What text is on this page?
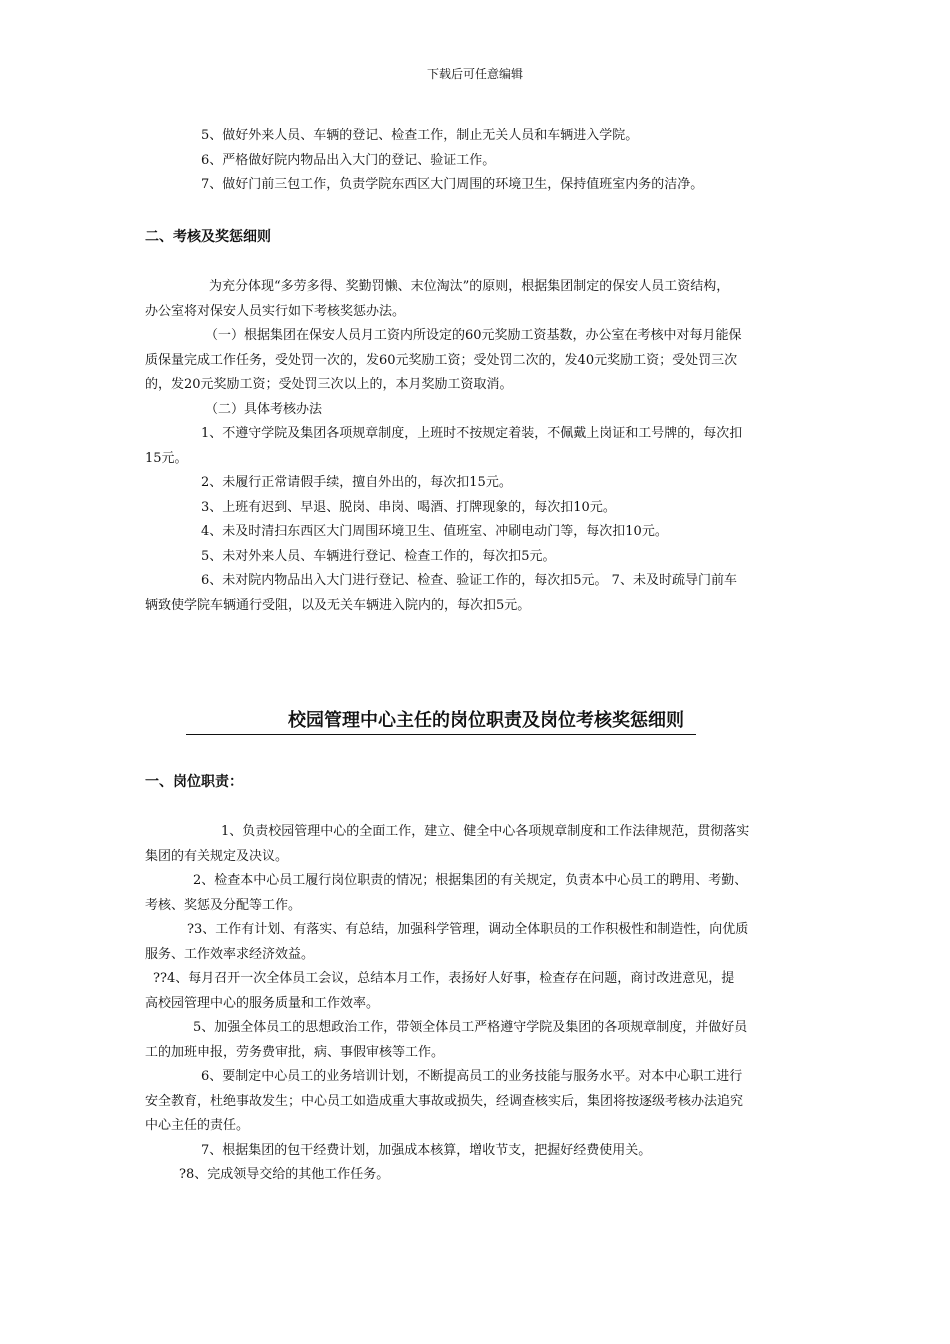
下载后可任意编辑
5、做好外来人员、车辆的登记、检查工作，制止无关人员和车辆进入学院。
6、严格做好院内物品出入大门的登记、验证工作。
7、做好门前三包工作，负责学院东西区大门周围的环境卫生，保持值班室内务的洁净。
二、考核及奖惩细则
为充分体现“多劳多得、奖勤罚懒、末位淘汰”的原则，根据集团制定的保安人员工资结构，
办公室将对保安人员实行如下考核奖惩办法。
（一）根据集团在保安人员月工资内所设定的60元奖励工资基数，办公室在考核中对每月能保
质保量完成工作任务，受处罚一次的，发60元奖励工资；受处罚二次的，发40元奖励工资；受处罚三次
的，发20元奖励工资；受处罚三次以上的，本月奖励工资取消。
（二）具体考核办法
1、不遵守学院及集团各项规章制度，上班时不按规定着装，不佩戴上岗证和工号牌的，每次扣
15元。
2、未履行正常请假手续，擅自外出的，每次扣15元。
3、上班有迟到、早退、脱岗、串岗、喝酒、打牌现象的，每次扣10元。
4、未及时清扫东西区大门周围环境卫生、值班室、冲刷电动门等，每次扣10元。
5、未对外来人员、车辆进行登记、检查工作的，每次扣5元。
6、未对院内物品出入大门进行登记、检查、验证工作的，每次扣5元。 7、未及时疏导门前车
辆致使学院车辆通行受阻，以及无关车辆进入院内的，每次扣5元。
校园管理中心主任的岗位职责及岗位考核奖惩细则
一、岗位职责：
1、负责校园管理中心的全面工作，建立、健全中心各项规章制度和工作法律规范，贯彻落实
集团的有关规定及决议。
2、检查本中心员工履行岗位职责的情况；根据集团的有关规定，负责本中心员工的聘用、考勤、
考核、奖惩及分配等工作。
?3、工作有计划、有落实、有总结，加强科学管理，调动全体职员的工作积极性和制造性，向优质
服务、工作效率求经济效益。
??4、每月召开一次全体员工会议，总结本月工作，表扬好人好事，检查存在问题，商讨改进意见，提
高校园管理中心的服务质量和工作效率。
5、加强全体员工的思想政治工作，带领全体员工严格遵守学院及集团的各项规章制度，并做好员
工的加班申报，劳务费审批，病、事假审核等工作。
6、要制定中心员工的业务培训计划，不断提高员工的业务技能与服务水平。对本中心职工进行
安全教育，杜绝事故发生；中心员工如造成重大事故或损失，经调查核实后，集团将按逐级考核办法追究
中心主任的责任。
7、根据集团的包干经费计划，加强成本核算，增收节支，把握好经费使用关。
?8、完成领导交给的其他工作任务。
